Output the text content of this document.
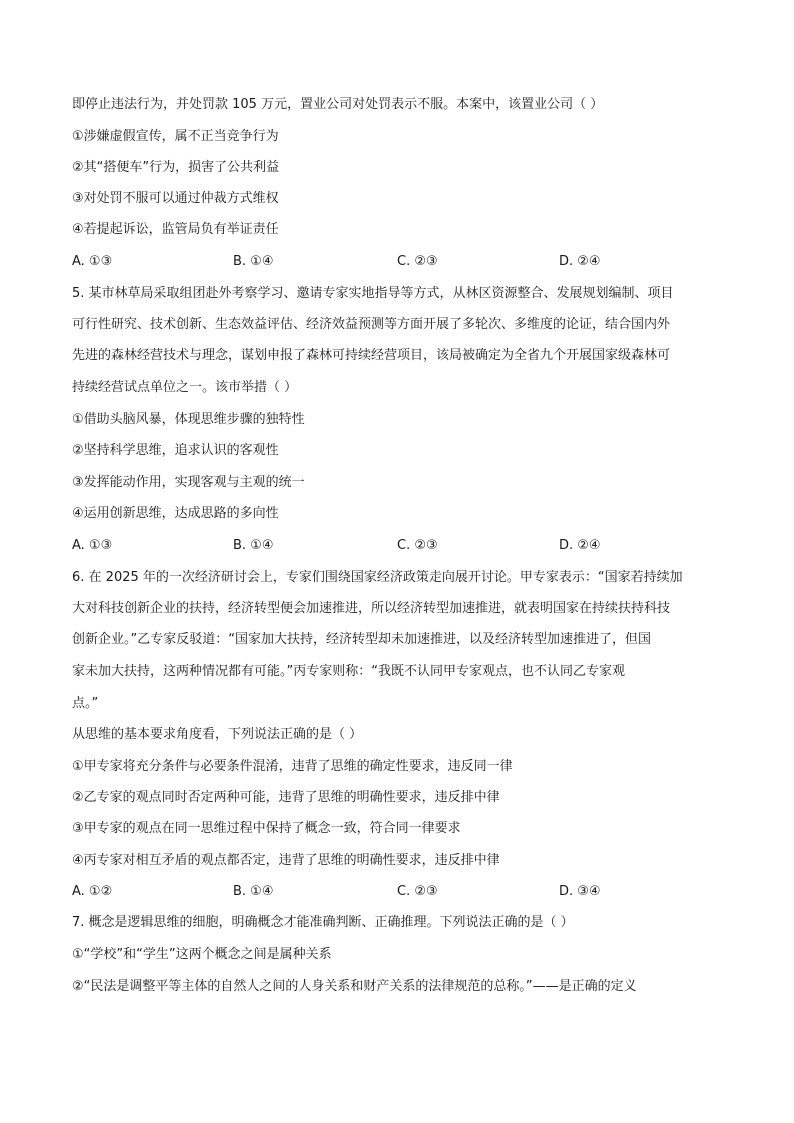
即停止违法行为，并处罚款 105 万元，置业公司对处罚表示不服。本案中，该置业公司（ ）
①涉嫌虚假宣传，属不正当竞争行为
②其“搭便车”行为，损害了公共利益
③对处罚不服可以通过仲裁方式维权
④若提起诉讼，监管局负有举证责任
A. ①③	B. ①④	C. ②③	D. ②④
5. 某市林草局采取组团赴外考察学习、邀请专家实地指导等方式，从林区资源整合、发展规划编制、项目
可行性研究、技术创新、生态效益评估、经济效益预测等方面开展了多轮次、多维度的论证，结合国内外
先进的森林经营技术与理念，谋划申报了森林可持续经营项目，该局被确定为全省九个开展国家级森林可
持续经营试点单位之一。该市举措（ ）
①借助头脑风暴，体现思维步骤的独特性
②坚持科学思维，追求认识的客观性
③发挥能动作用，实现客观与主观的统一
④运用创新思维，达成思路的多向性
A. ①③	B. ①④	C. ②③	D. ②④
6. 在 2025 年的一次经济研讨会上，专家们围绕国家经济政策走向展开讨论。甲专家表示：“国家若持续加
大对科技创新企业的扶持，经济转型便会加速推进，所以经济转型加速推进，就表明国家在持续扶持科技
创新企业。”乙专家反驳道：“国家加大扶持，经济转型却未加速推进，以及经济转型加速推进了，但国
家未加大扶持，这两种情况都有可能。”丙专家则称：“我既不认同甲专家观点，也不认同乙专家观
点。”
从思维的基本要求角度看，下列说法正确的是（ ）
①甲专家将充分条件与必要条件混淆，违背了思维的确定性要求，违反同一律
②乙专家的观点同时否定两种可能，违背了思维的明确性要求，违反排中律
③甲专家的观点在同一思维过程中保持了概念一致，符合同一律要求
④丙专家对相互矛盾的观点都否定，违背了思维的明确性要求，违反排中律
A. ①②	B. ①④	C. ②③	D. ③④
7. 概念是逻辑思维的细胞，明确概念才能准确判断、正确推理。下列说法正确的是（ ）
①“学校”和“学生”这两个概念之间是属种关系
②“民法是调整平等主体的自然人之间的人身关系和财产关系的法律规范的总称。”——是正确的定义
